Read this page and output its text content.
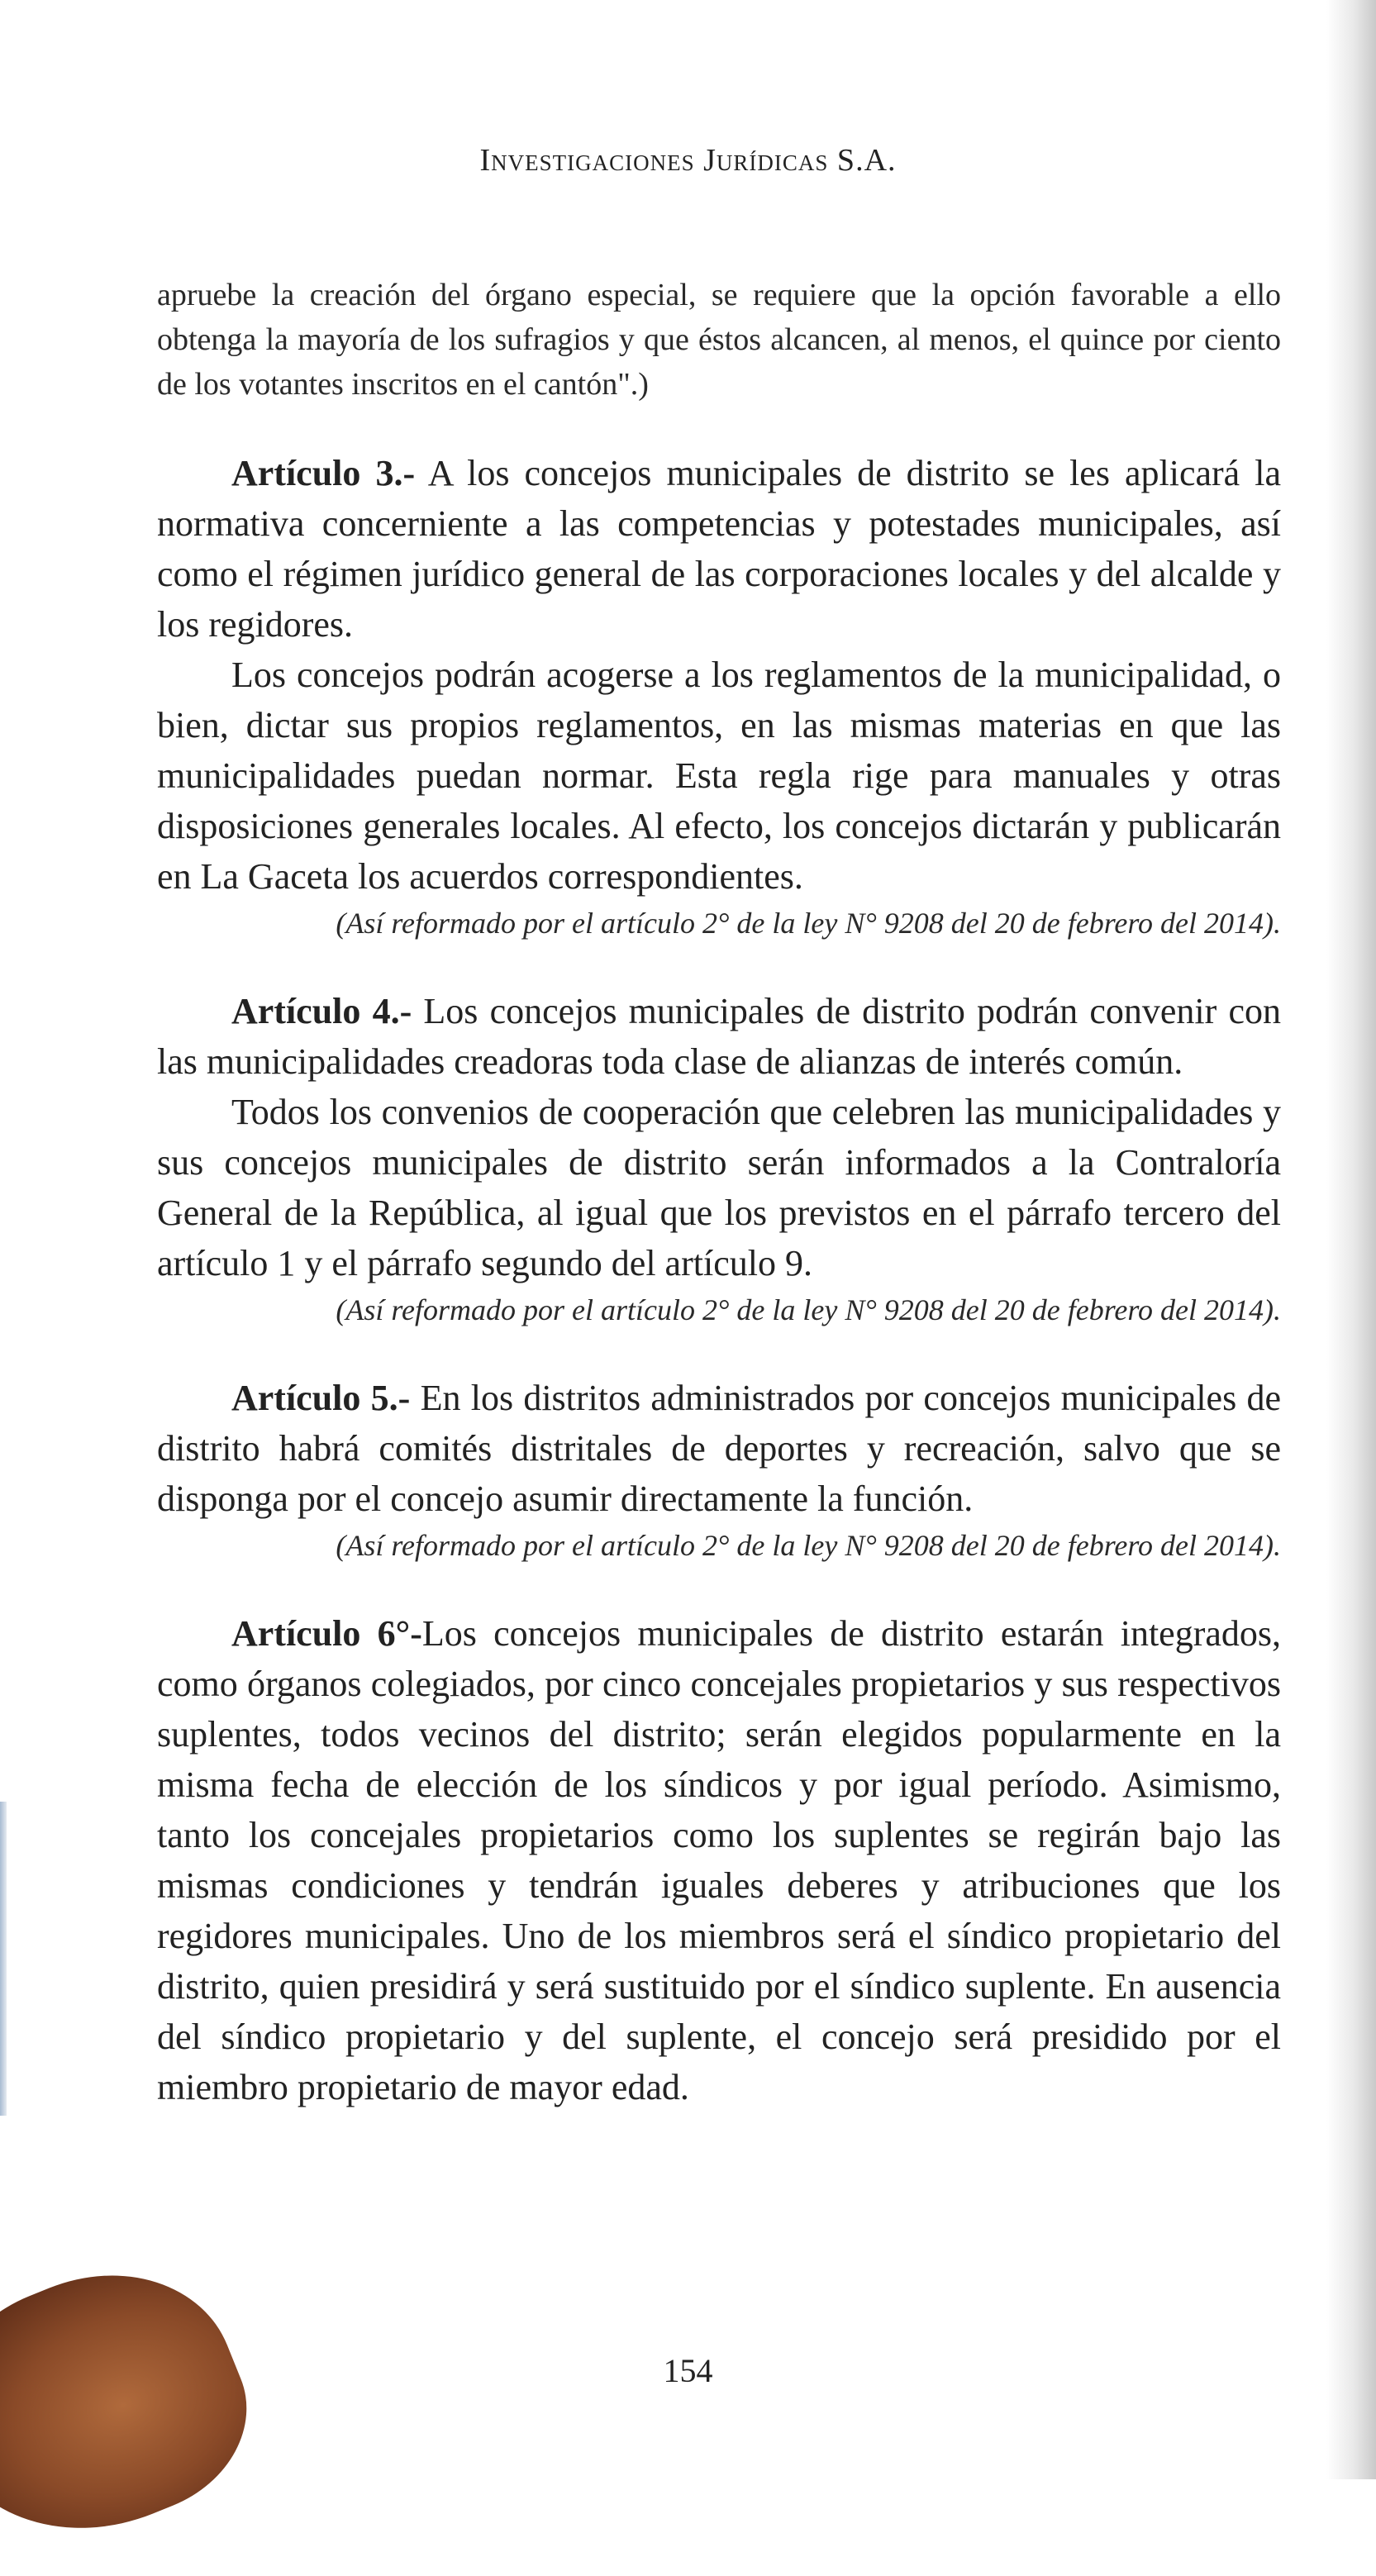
Investigaciones Jurídicas S.A.

apruebe la creación del órgano especial, se requiere que la opción favorable a ello obtenga la mayoría de los sufragios y que éstos alcancen, al menos, el quince por ciento de los votantes inscritos en el cantón".)

Artículo 3.- A los concejos municipales de distrito se les aplicará la normativa concerniente a las competencias y potestades municipales, así como el régimen jurídico general de las corporaciones locales y del alcalde y los regidores.

Los concejos podrán acogerse a los reglamentos de la municipalidad, o bien, dictar sus propios reglamentos, en las mismas materias en que las municipalidades puedan normar. Esta regla rige para manuales y otras disposiciones generales locales. Al efecto, los concejos dictarán y publicarán en La Gaceta los acuerdos correspondientes.

(Así reformado por el artículo 2° de la ley N° 9208 del 20 de febrero del 2014).

Artículo 4.- Los concejos municipales de distrito podrán convenir con las municipalidades creadoras toda clase de alianzas de interés común.

Todos los convenios de cooperación que celebren las municipalidades y sus concejos municipales de distrito serán informados a la Contraloría General de la República, al igual que los previstos en el párrafo tercero del artículo 1 y el párrafo segundo del artículo 9.

(Así reformado por el artículo 2° de la ley N° 9208 del 20 de febrero del 2014).

Artículo 5.- En los distritos administrados por concejos municipales de distrito habrá comités distritales de deportes y recreación, salvo que se disponga por el concejo asumir directamente la función.

(Así reformado por el artículo 2° de la ley N° 9208 del 20 de febrero del 2014).

Artículo 6°-Los concejos municipales de distrito estarán integrados, como órganos colegiados, por cinco concejales propietarios y sus respectivos suplentes, todos vecinos del distrito; serán elegidos popularmente en la misma fecha de elección de los síndicos y por igual período. Asimismo, tanto los concejales propietarios como los suplentes se regirán bajo las mismas condiciones y tendrán iguales deberes y atribuciones que los regidores municipales. Uno de los miembros será el síndico propietario del distrito, quien presidirá y será sustituido por el síndico suplente. En ausencia del síndico propietario y del suplente, el concejo será presidido por el miembro propietario de mayor edad.

154
